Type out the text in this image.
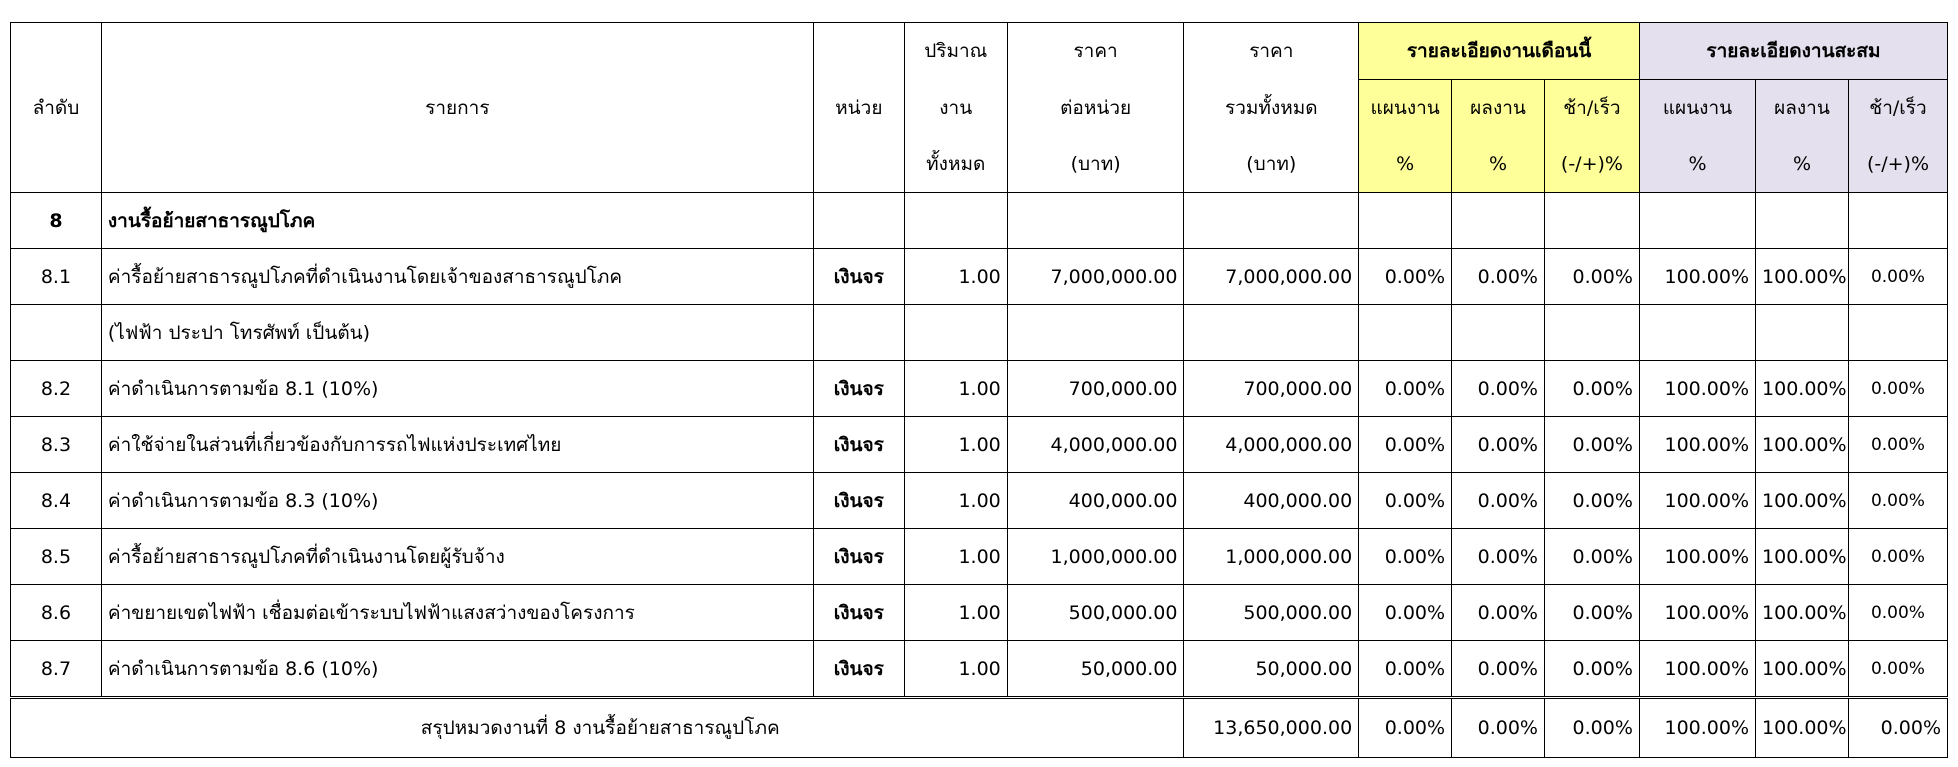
ลำดับ	รายการ	หน่วย	ปริมาณ	ราคา	ราคา	รายละเอียดงานเดือนนี้			รายละเอียดงานสะสม		
			งาน	ต่อหน่วย	รวมทั้งหมด	แผนงาน	ผลงาน	ช้า/เร็ว	แผนงาน	ผลงาน	ช้า/เร็ว
			ทั้งหมด	(บาท)	(บาท)	%	%	(-/+)%	%	%	(-/+)%
8	งานรื้อย้ายสาธารณูปโภค										
8.1	ค่ารื้อย้ายสาธารณูปโภคที่ดำเนินงานโดยเจ้าของสาธารณูปโภค	เงินจร	1.00	7,000,000.00	7,000,000.00	0.00%	0.00%	0.00%	100.00%	100.00%	0.00%
	(ไฟฟ้า ประปา โทรศัพท์ เป็นต้น)										
8.2	ค่าดำเนินการตามข้อ 8.1 (10%)	เงินจร	1.00	700,000.00	700,000.00	0.00%	0.00%	0.00%	100.00%	100.00%	0.00%
8.3	ค่าใช้จ่ายในส่วนที่เกี่ยวข้องกับการรถไฟแห่งประเทศไทย	เงินจร	1.00	4,000,000.00	4,000,000.00	0.00%	0.00%	0.00%	100.00%	100.00%	0.00%
8.4	ค่าดำเนินการตามข้อ 8.3 (10%)	เงินจร	1.00	400,000.00	400,000.00	0.00%	0.00%	0.00%	100.00%	100.00%	0.00%
8.5	ค่ารื้อย้ายสาธารณูปโภคที่ดำเนินงานโดยผู้รับจ้าง	เงินจร	1.00	1,000,000.00	1,000,000.00	0.00%	0.00%	0.00%	100.00%	100.00%	0.00%
8.6	ค่าขยายเขตไฟฟ้า เชื่อมต่อเข้าระบบไฟฟ้าแสงสว่างของโครงการ	เงินจร	1.00	500,000.00	500,000.00	0.00%	0.00%	0.00%	100.00%	100.00%	0.00%
8.7	ค่าดำเนินการตามข้อ 8.6 (10%)	เงินจร	1.00	50,000.00	50,000.00	0.00%	0.00%	0.00%	100.00%	100.00%	0.00%
สรุปหมวดงานที่ 8 งานรื้อย้ายสาธารณูปโภค					13,650,000.00	0.00%	0.00%	0.00%	100.00%	100.00%	0.00%
